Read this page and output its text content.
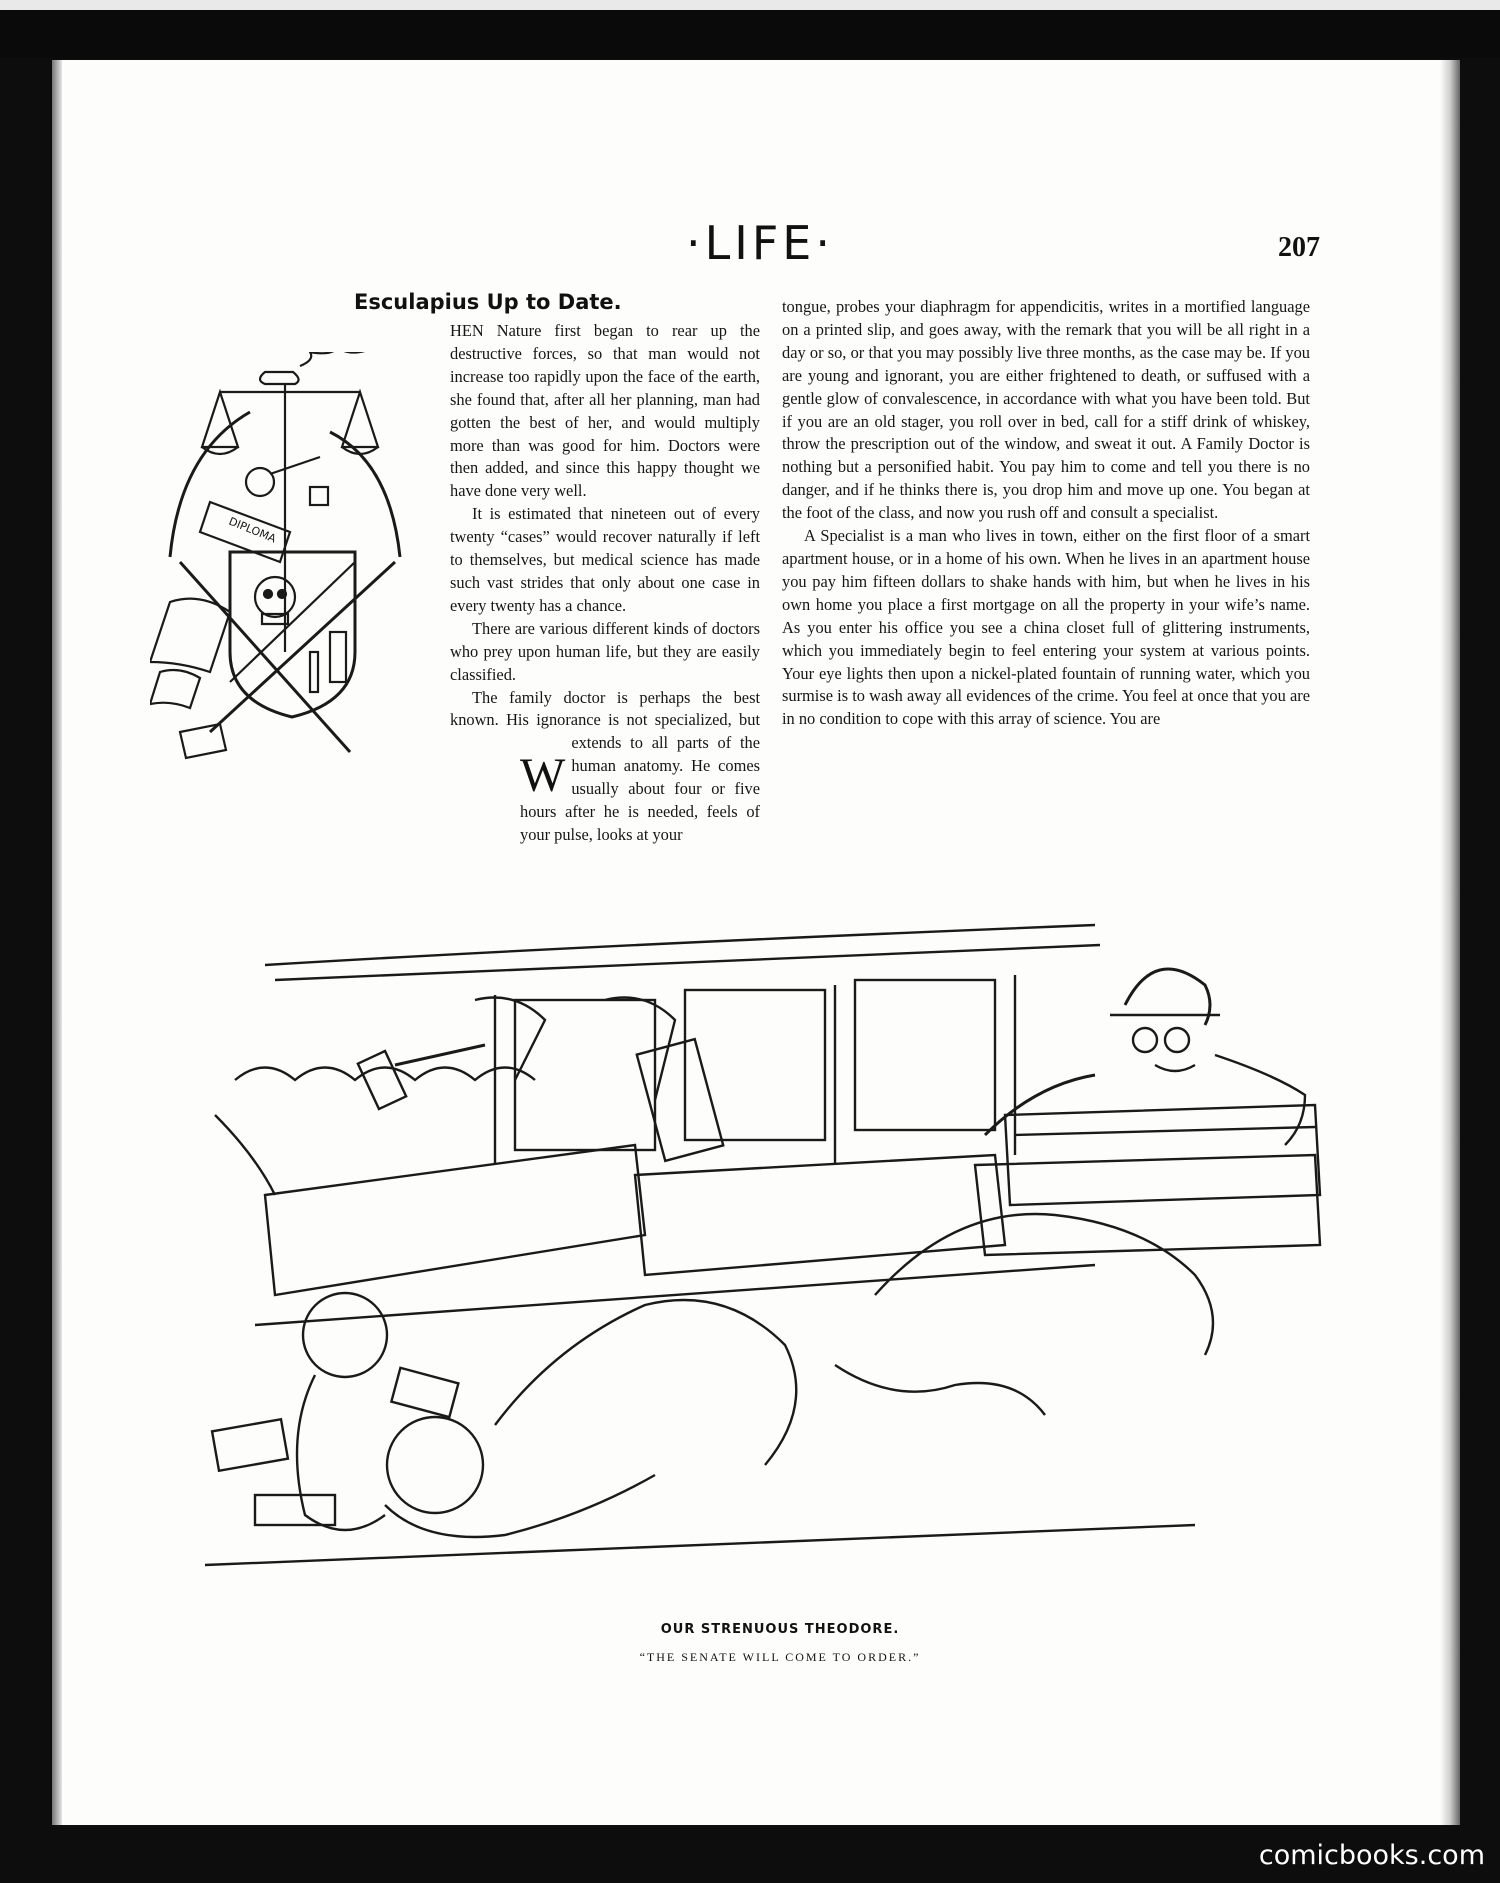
·LIFE·	207
Esculapius Up to Date.

W
HEN Nature first began to rear up the destructive forces, so that man would not increase too rapidly upon the face of the earth, she found that, after all her planning, man had gotten the best of her, and would multiply more than was good for him. Doctors were then added, and since this happy thought we have done very well.

It is estimated that nineteen out of every twenty “cases” would recover naturally if left to themselves, but medical science has made such vast strides that only about one case in every twenty has a chance.

There are various different kinds of doctors who prey upon human life, but they are easily classified.

The family doctor is perhaps the best known. His ignorance is not specialized, but extends to all parts of the human anatomy. He comes usually about four or five hours after he is needed, feels of your pulse, looks at your

tongue, probes your diaphragm for appendicitis, writes in a mortified language on a printed slip, and goes away, with the remark that you will be all right in a day or so, or that you may possibly live three months, as the case may be. If you are young and ignorant, you are either frightened to death, or suffused with a gentle glow of convalescence, in accordance with what you have been told. But if you are an old stager, you roll over in bed, call for a stiff drink of whiskey, throw the prescription out of the window, and sweat it out. A Family Doctor is nothing but a personified habit. You pay him to come and tell you there is no danger, and if he thinks there is, you drop him and move up one. You began at the foot of the class, and now you rush off and consult a specialist.

A Specialist is a man who lives in town, either on the first floor of a smart apartment house, or in a home of his own. When he lives in an apartment house you pay him fifteen dollars to shake hands with him, but when he lives in his own home you place a first mortgage on all the property in your wife’s name. As you enter his office you see a china closet full of glittering instruments, which you immediately begin to feel entering your system at various points. Your eye lights then upon a nickel-plated fountain of running water, which you surmise is to wash away all evidences of the crime. You feel at once that you are in no condition to cope with this array of science. You are

DIPLOMA
OUR STRENUOUS THEODORE.
“THE SENATE WILL COME TO ORDER.”
comicbooks.com
